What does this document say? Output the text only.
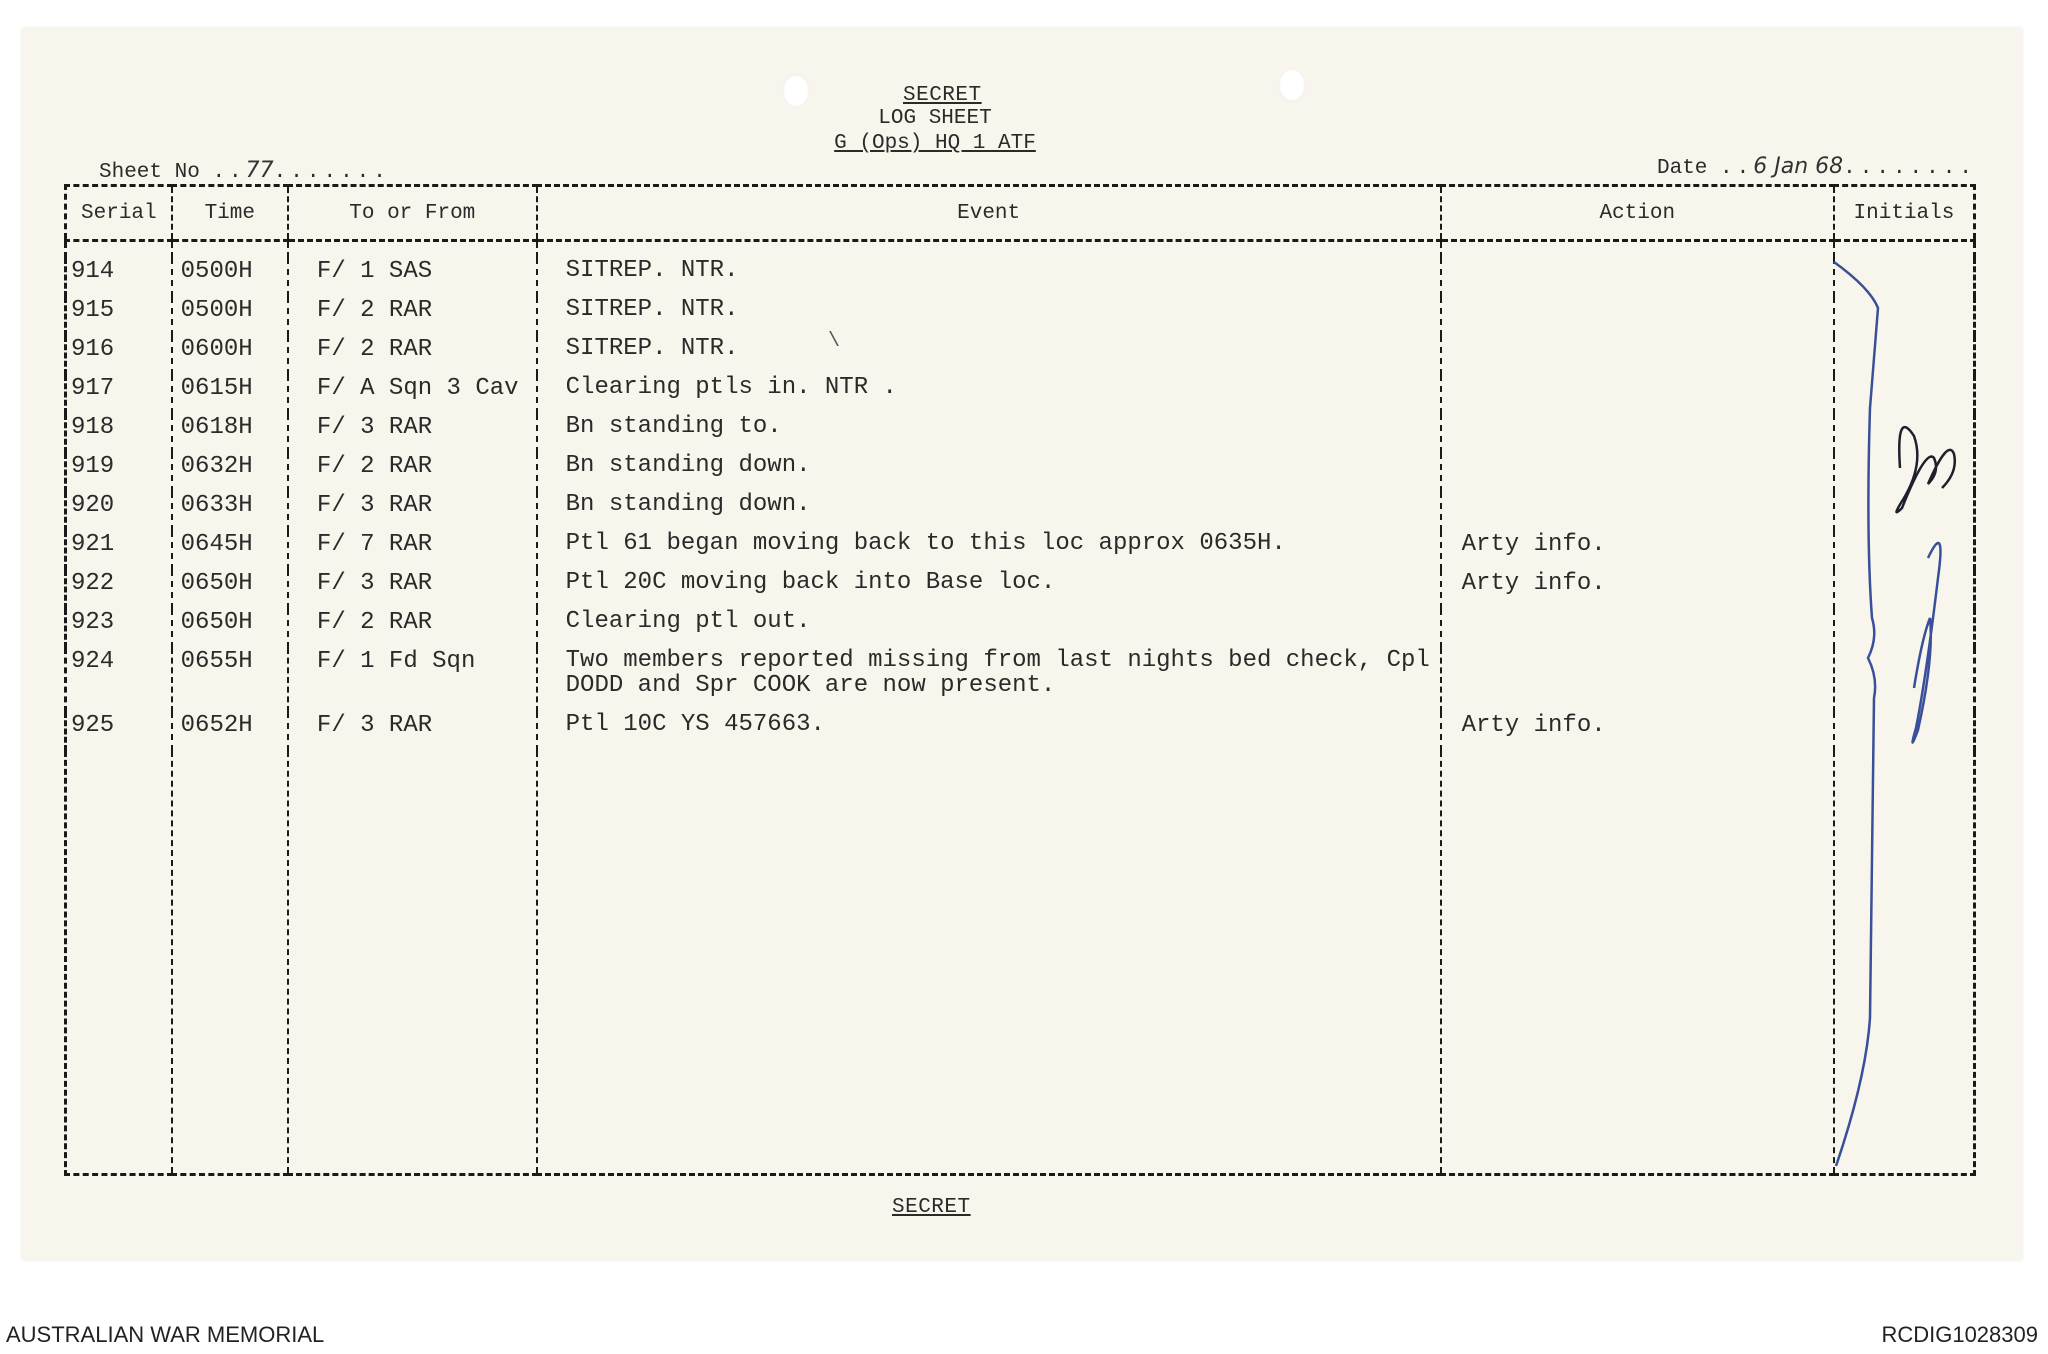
SECRET
Sheet No ..77.......
LOG SHEET
G (Ops) HQ 1 ATF
Date ..6 Jan 68........
Serial	Time	To or From	Event	Action	Initials

914	0500H	F/ 1 SAS	SITREP. NTR.		
915	0500H	F/ 2 RAR	SITREP. NTR.		
916	0600H	F/ 2 RAR	SITREP. NTR.		
917	0615H	F/ A Sqn 3 Cav	Clearing ptls in. NTR .		
918	0618H	F/ 3 RAR	Bn standing to.		
919	0632H	F/ 2 RAR	Bn standing down.		
920	0633H	F/ 3 RAR	Bn standing down.		
921	0645H	F/ 7 RAR	Ptl 61 began moving back to this loc approx 0635H.	Arty info.	
922	0650H	F/ 3 RAR	Ptl 20C moving back into Base loc.	Arty info.	
923	0650H	F/ 2 RAR	Clearing ptl out.		
924	0655H	F/ 1 Fd Sqn	Two members reported missing from last nights bed check, Cpl DODD and Spr COOK are now present.		
925	0652H	F/ 3 RAR	Ptl 10C YS 457663.	Arty info.	

\
SECRET
AUSTRALIAN WAR MEMORIAL	RCDIG1028309
